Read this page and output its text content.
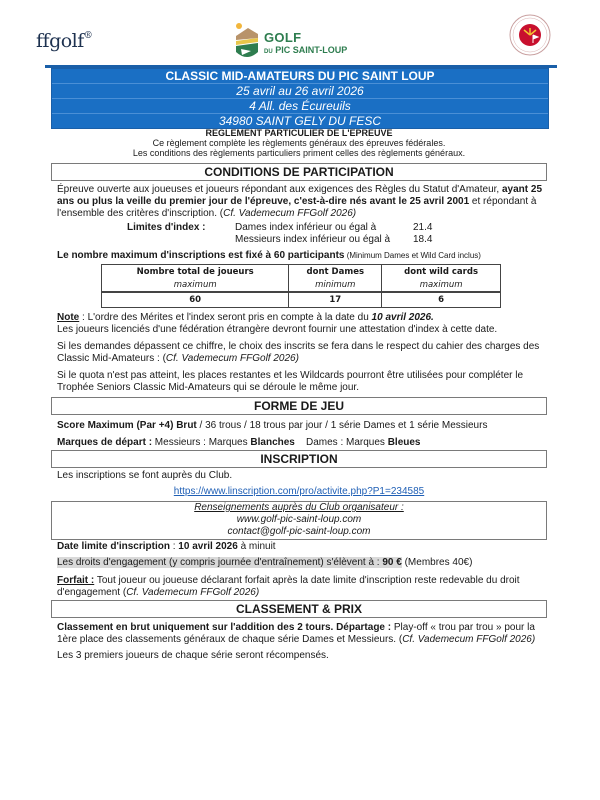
ffgolf®	GOLF
DU PIC SAINT-LOUP
CLASSIC MID-AMATEURS DU PIC SAINT LOUP
25 avril au 26 avril 2026
4 All. des Écureuils
34980 SAINT GELY DU FESC
REGLEMENT PARTICULIER DE L'EPREUVE
Ce règlement complète les règlements généraux des épreuves fédérales.
Les conditions des règlements particuliers priment celles des règlements généraux.
CONDITIONS DE PARTICIPATION
Épreuve ouverte aux joueuses et joueurs répondant aux exigences des Règles du Statut d'Amateur, ayant 25 ans ou plus la veille du premier jour de l'épreuve, c'est-à-dire nés avant le 25 avril 2001 et répondant à l'ensemble des critères d'inscription. (Cf. Vademecum FFGolf 2026)
Limites d'index :	Dames index inférieur ou égal à	21.4
Messieurs index inférieur ou égal à 18.4
Le nombre maximum d'inscriptions est fixé à 60 participants (Minimum Dames et Wild Card inclus)
Nombre total de joueurs	dont Dames	dont wild cards
maximum	minimum	maximum
60	17	6
Note : L'ordre des Mérites et l'index seront pris en compte à la date du 10 avril 2026.
Les joueurs licenciés d'une fédération étrangère devront fournir une attestation d'index à cette date.
Si les demandes dépassent ce chiffre, le choix des inscrits se fera dans le respect du cahier des charges des Classic Mid-Amateurs : (Cf. Vademecum FFGolf 2026)
Si le quota n'est pas atteint, les places restantes et les Wildcards pourront être utilisées pour compléter le Trophée Seniors Classic Mid-Amateurs qui se déroule le même jour.
FORME DE JEU
Score Maximum (Par +4) Brut / 36 trous / 18 trous par jour / 1 série Dames et 1 série Messieurs
Marques de départ : Messieurs : Marques Blanches    Dames : Marques Bleues
INSCRIPTION
Les inscriptions se font auprès du Club.
https://www.linscription.com/pro/activite.php?P1=234585
Renseignements auprès du Club organisateur :
www.golf-pic-saint-loup.com
contact@golf-pic-saint-loup.com
Date limite d'inscription : 10 avril 2026 à minuit
Les droits d'engagement (y compris journée d'entraînement) s'élèvent à : 90 € (Membres 40€)
Forfait : Tout joueur ou joueuse déclarant forfait après la date limite d'inscription reste redevable du droit d'engagement (Cf. Vademecum FFGolf 2026)
CLASSEMENT & PRIX
Classement en brut uniquement sur l'addition des 2 tours. Départage : Play-off « trou par trou » pour la 1ère place des classements généraux de chaque série Dames et Messieurs. (Cf. Vademecum FFGolf 2026)
Les 3 premiers joueurs de chaque série seront récompensés.
